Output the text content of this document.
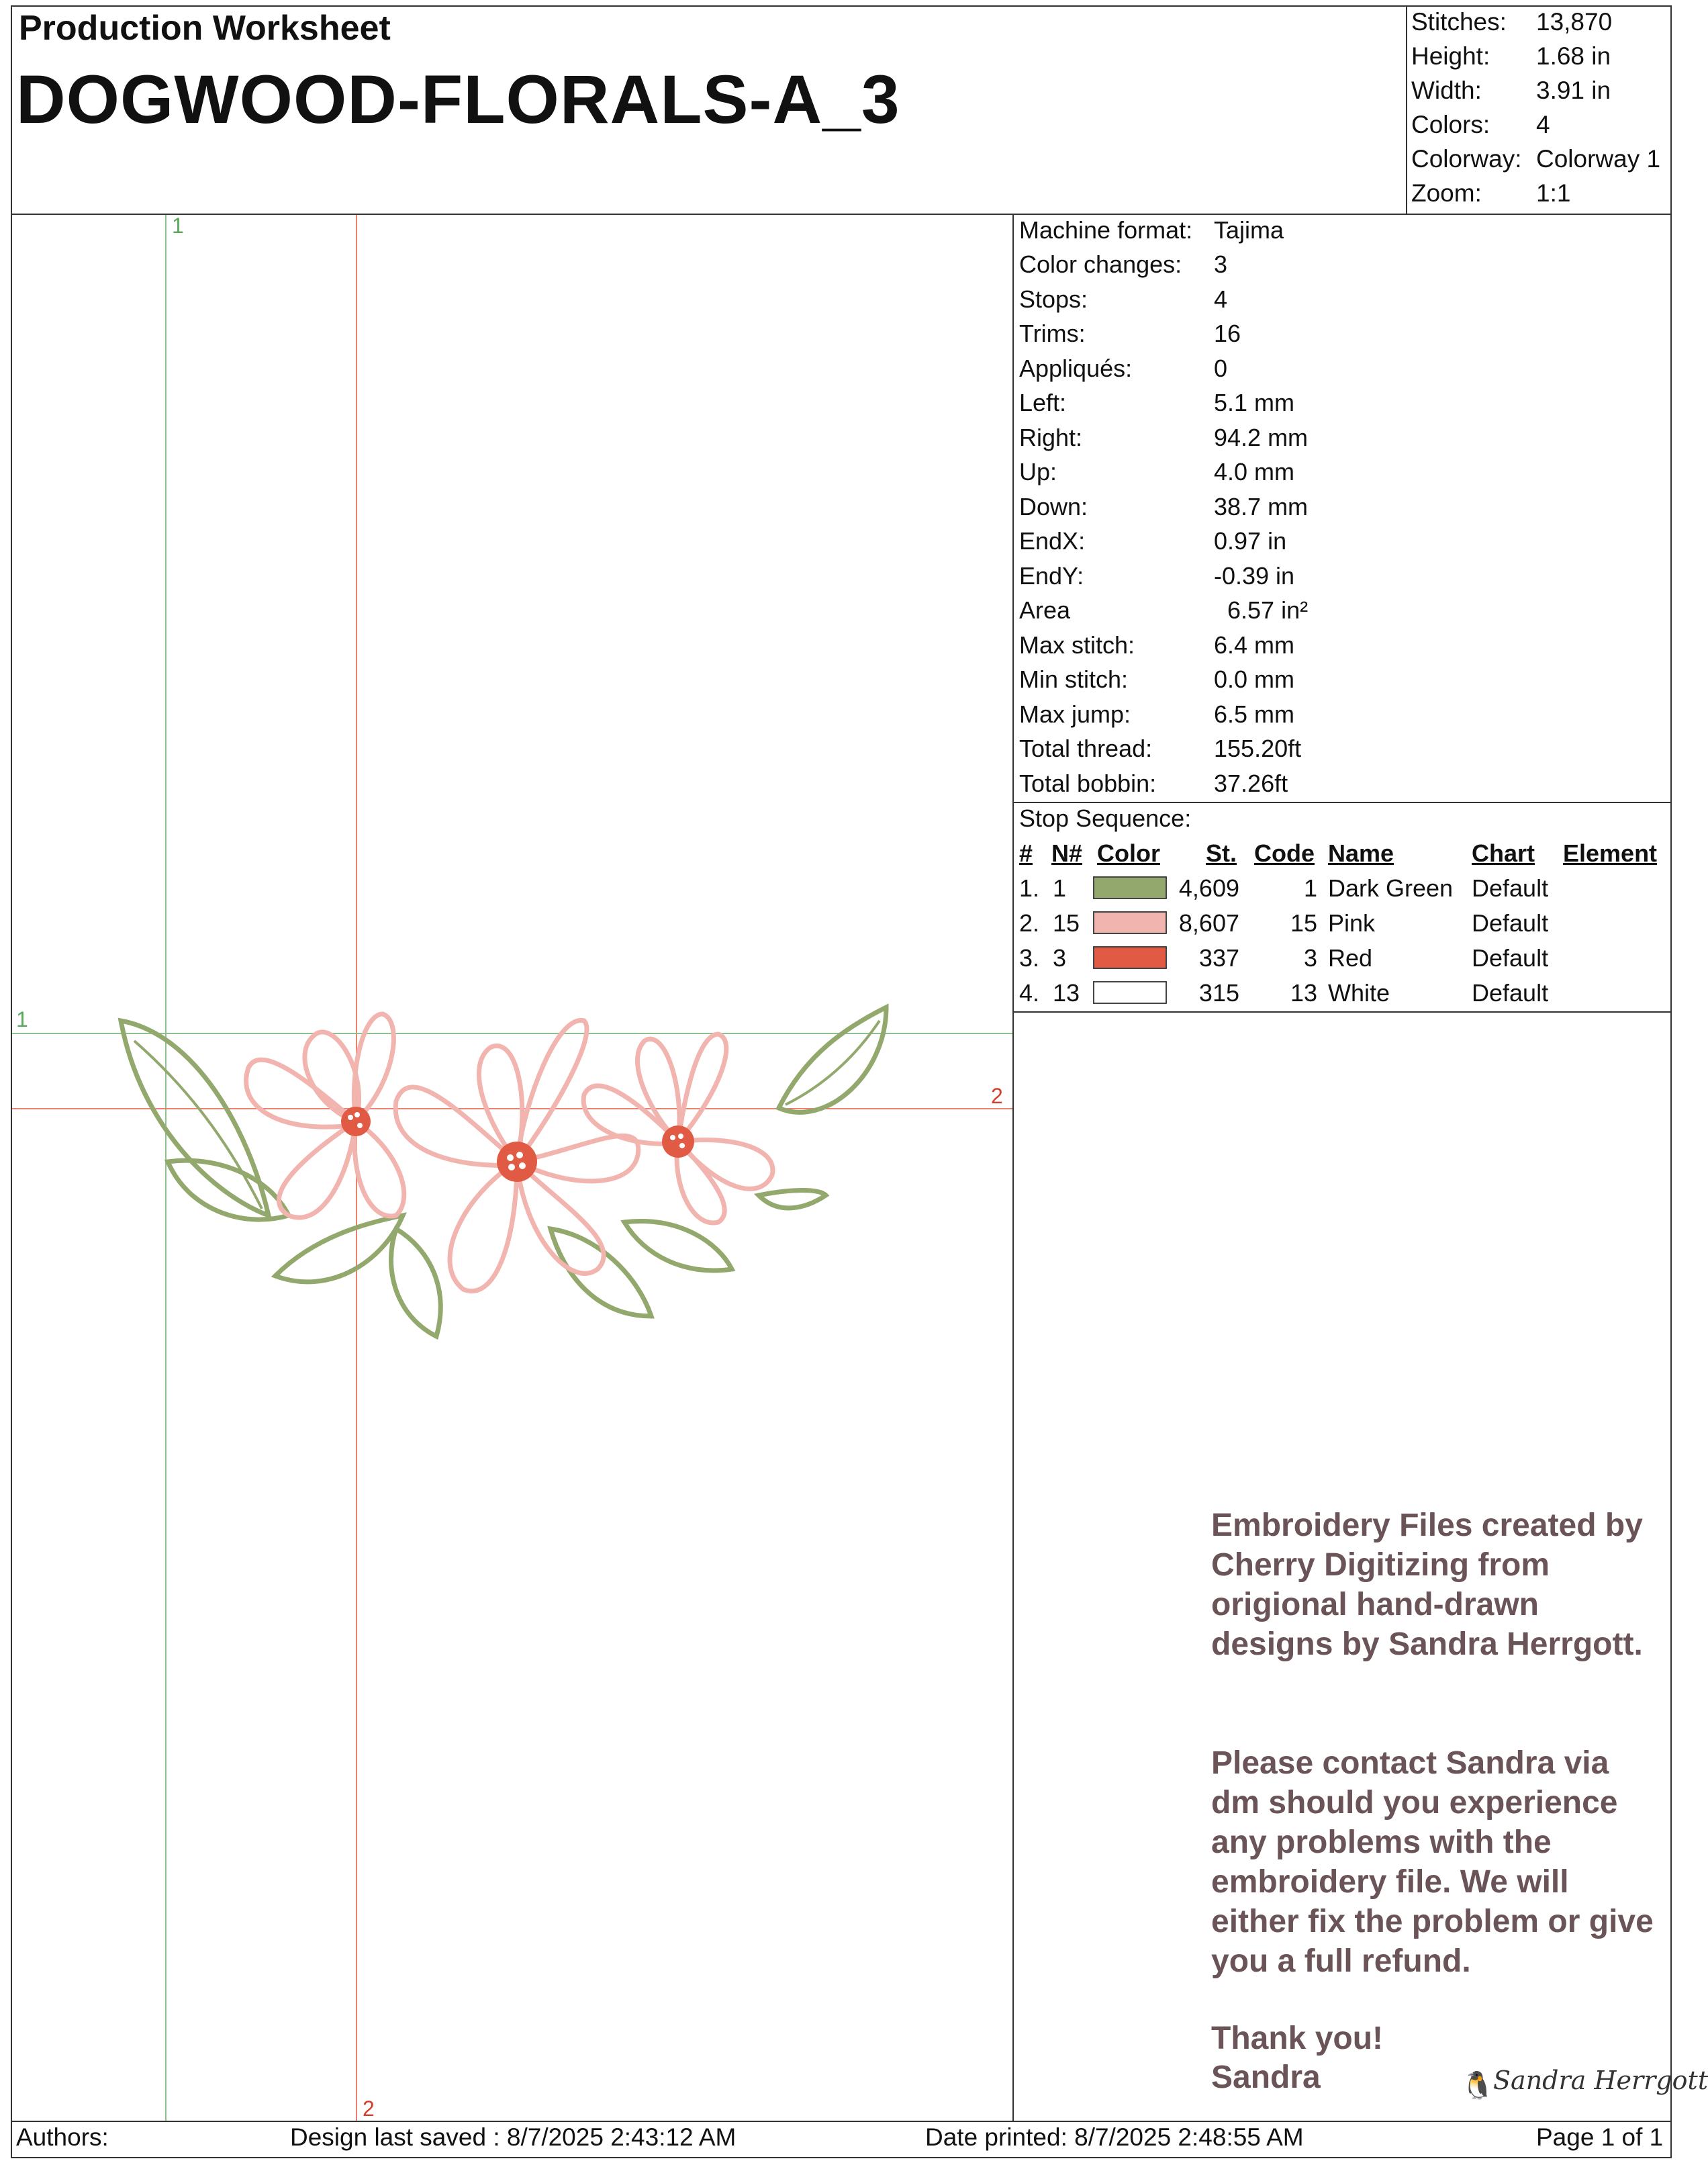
Production Worksheet
DOGWOOD-FLORALS-A_3
Stitches: 13,870
Height: 1.68 in
Width: 3.91 in
Colors: 4
Colorway: Colorway 1
Zoom: 1:1
Machine format: Tajima
Color changes: 3
Stops:	4
Trims:	16
Appliqués:	0
Left:	5.1 mm
Right:	94.2 mm
Up:	4.0 mm
Down:	38.7 mm
EndX:	0.97 in
EndY:	-0.39 in
Area	6.57 in²
Max stitch:	6.4 mm
Min stitch:	0.0 mm
Max jump:	6.5 mm
Total thread:	155.20ft
Total bobbin: 37.26ft
Stop Sequence:
# N# Color St. Code Name	Chart Element
1. 1	4,609	1 Dark Green Default
2. 15	8,607 15 Pink	Default
3. 3	337	3 Red	Default
4. 13	315 13 White	Default
1
1
2
2
Embroidery Files created by Cherry Digitizing from origional hand-drawn designs by Sandra Herrgott.
Please contact Sandra via dm should you experience any problems with the embroidery file. We will either fix the problem or give you a full refund.
Thank you!
Sandra	🐧
Sandra Herrgott
Authors:	Design last saved : 8/7/2025 2:43:12 AM	Date printed: 8/7/2025 2:48:55 AM	Page 1 of 1
